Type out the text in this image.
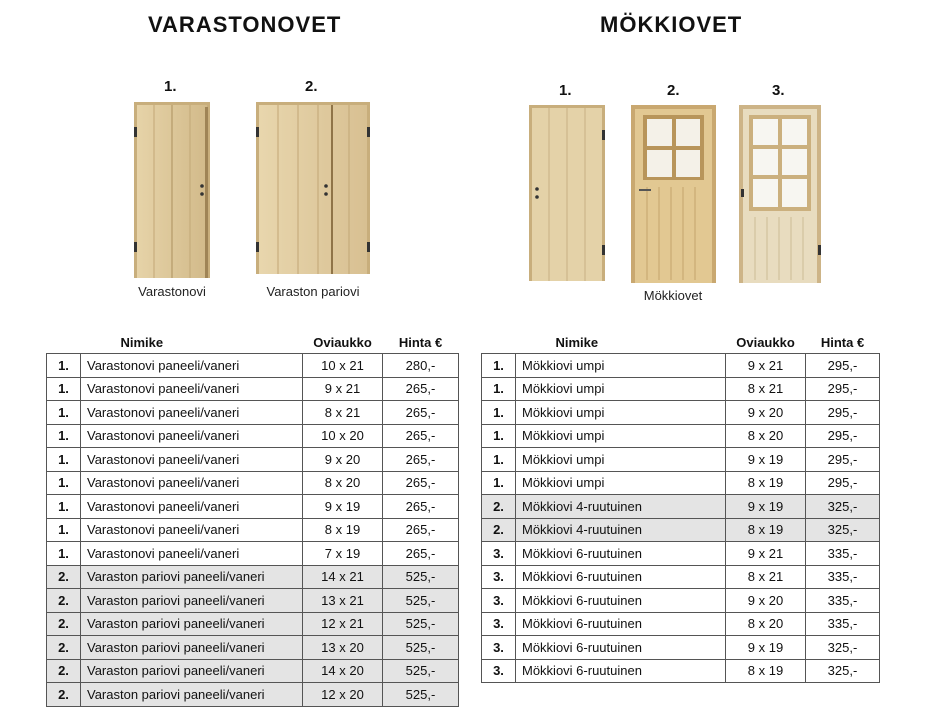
VARASTONOVET	MÖKKIOVET
1.	2.	1.	2.	3.
Varastonovi	Varaston pariovi	Mökkiovet
	Nimike	Oviaukko	Hinta €
1.	Varastonovi paneeli/vaneri	10 x 21	280,-
1.	Varastonovi paneeli/vaneri	9 x 21	265,-
1.	Varastonovi paneeli/vaneri	8 x 21	265,-
1.	Varastonovi paneeli/vaneri	10 x 20	265,-
1.	Varastonovi paneeli/vaneri	9 x 20	265,-
1.	Varastonovi paneeli/vaneri	8 x 20	265,-
1.	Varastonovi paneeli/vaneri	9 x 19	265,-
1.	Varastonovi paneeli/vaneri	8 x 19	265,-
1.	Varastonovi paneeli/vaneri	7 x 19	265,-
2.	Varaston pariovi paneeli/vaneri	14 x 21	525,-
2.	Varaston pariovi paneeli/vaneri	13 x 21	525,-
2.	Varaston pariovi paneeli/vaneri	12 x 21	525,-
2.	Varaston pariovi paneeli/vaneri	13 x 20	525,-
2.	Varaston pariovi paneeli/vaneri	14 x 20	525,-
2.	Varaston pariovi paneeli/vaneri	12 x 20	525,-
	Nimike	Oviaukko	Hinta €
1.	Mökkiovi umpi	9 x 21	295,-
1.	Mökkiovi umpi	8 x 21	295,-
1.	Mökkiovi umpi	9 x 20	295,-
1.	Mökkiovi umpi	8 x 20	295,-
1.	Mökkiovi umpi	9 x 19	295,-
1.	Mökkiovi umpi	8 x 19	295,-
2.	Mökkiovi 4-ruutuinen	9 x 19	325,-
2.	Mökkiovi 4-ruutuinen	8 x 19	325,-
3.	Mökkiovi 6-ruutuinen	9 x 21	335,-
3.	Mökkiovi 6-ruutuinen	8 x 21	335,-
3.	Mökkiovi 6-ruutuinen	9 x 20	335,-
3.	Mökkiovi 6-ruutuinen	8 x 20	335,-
3.	Mökkiovi 6-ruutuinen	9 x 19	325,-
3.	Mökkiovi 6-ruutuinen	8 x 19	325,-
